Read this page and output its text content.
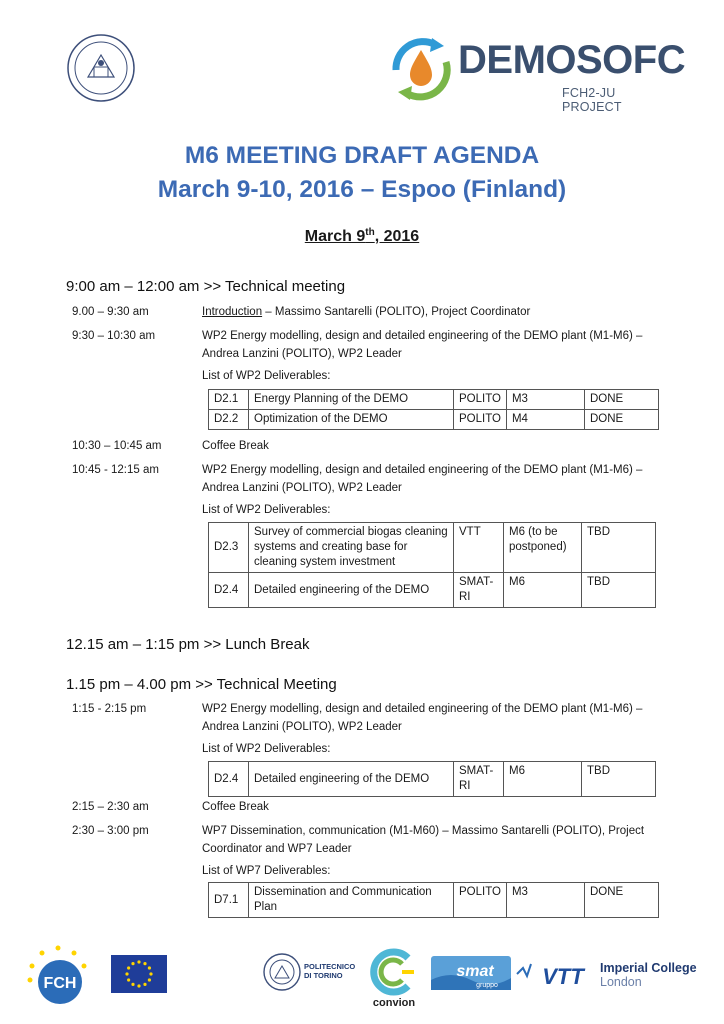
DEMOSOFC
FCH2-JU PROJECT
M6 MEETING DRAFT AGENDA
March 9-10, 2016 – Espoo (Finland)
March 9th, 2016
9:00 am – 12:00 am >> Technical meeting
9.00 – 9:30 am	Introduction – Massimo Santarelli (POLITO), Project Coordinator
9:30 – 10:30 am	WP2 Energy modelling, design and detailed engineering of the DEMO plant (M1-M6) – Andrea Lanzini (POLITO), WP2 Leader
List of WP2 Deliverables:
D2.1	Energy Planning of the DEMO	POLITO	M3	DONE
D2.2	Optimization of the DEMO	POLITO	M4	DONE
10:30 – 10:45 am	Coffee Break
10:45 - 12:15 am	WP2 Energy modelling, design and detailed engineering of the DEMO plant (M1-M6) – Andrea Lanzini (POLITO), WP2 Leader
List of WP2 Deliverables:
D2.3	Survey of commercial biogas cleaning systems and creating base for cleaning system investment	VTT	M6 (to be postponed)	TBD
D2.4	Detailed engineering of the DEMO	SMAT-RI	M6	TBD
12.15 am – 1:15 pm >> Lunch Break
1.15 pm – 4.00 pm >> Technical Meeting
1:15 - 2:15 pm	WP2 Energy modelling, design and detailed engineering of the DEMO plant (M1-M6) – Andrea Lanzini (POLITO), WP2 Leader
List of WP2 Deliverables:
D2.4	Detailed engineering of the DEMO	SMAT-RI	M6	TBD
2:15 – 2:30 am	Coffee Break
2:30 – 3:00 pm	WP7 Dissemination, communication (M1-M60) – Massimo Santarelli (POLITO), Project Coordinator and WP7 Leader
List of WP7 Deliverables:
D7.1	Dissemination and Communication Plan	POLITO	M3	DONE
FCH
POLITECNICO
DI TORINO
convion
smat
gruppo VTT Imperial College
London
